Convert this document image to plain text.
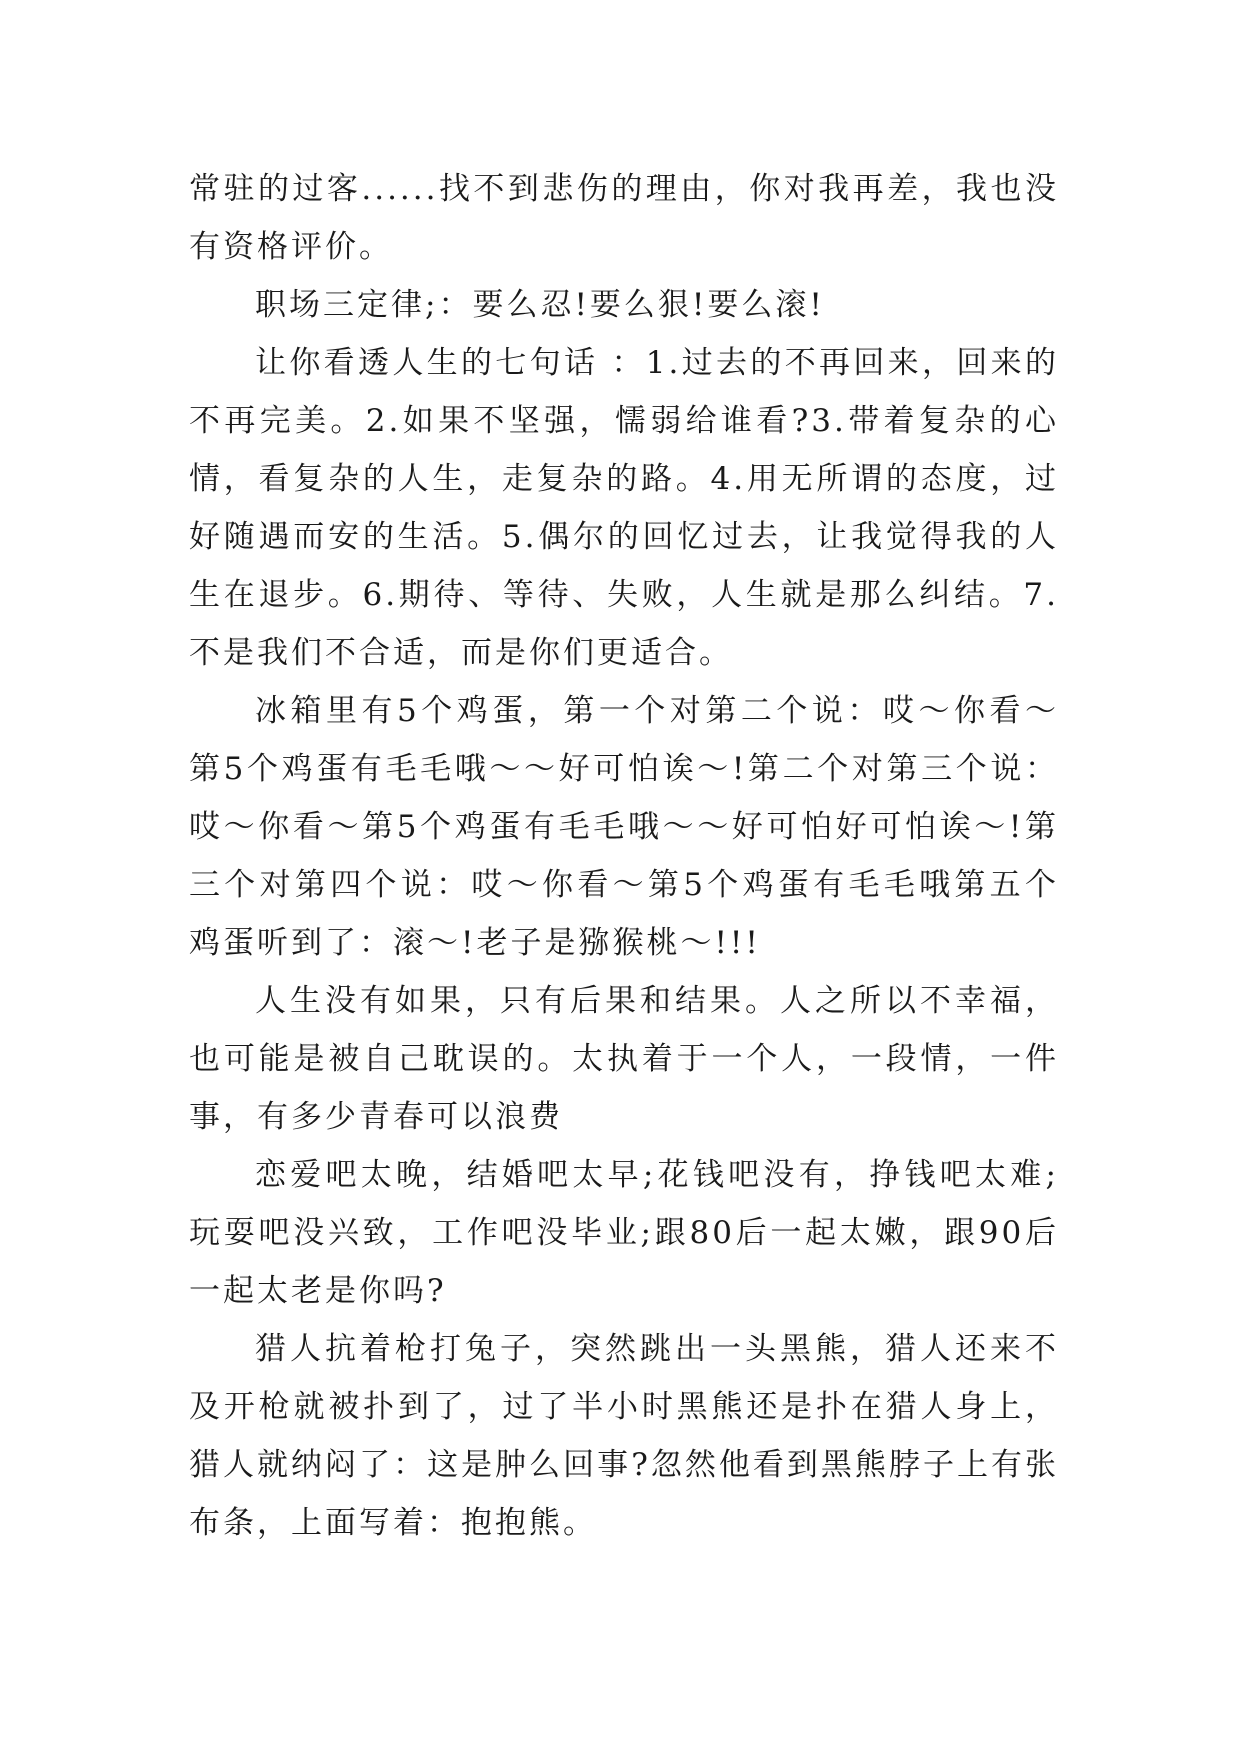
常驻的过客......找不到悲伤的理由，你对我再差，我也没有资格评价。

职场三定律;：要么忍!要么狠!要么滚!

让你看透人生的七句话 ：1.过去的不再回来，回来的不再完美。2.如果不坚强，懦弱给谁看?3.带着复杂的心情，看复杂的人生，走复杂的路。4.用无所谓的态度，过好随遇而安的生活。5.偶尔的回忆过去，让我觉得我的人生在退步。6.期待、等待、失败，人生就是那么纠结。7.不是我们不合适，而是你们更适合。

冰箱里有5个鸡蛋，第一个对第二个说：哎～你看～第5个鸡蛋有毛毛哦～～好可怕诶～!第二个对第三个说：哎～你看～第5个鸡蛋有毛毛哦～～好可怕好可怕诶～!第三个对第四个说：哎～你看～第5个鸡蛋有毛毛哦第五个鸡蛋听到了：滚～!老子是猕猴桃～!!!

人生没有如果，只有后果和结果。人之所以不幸福，也可能是被自己耽误的。太执着于一个人，一段情，一件事，有多少青春可以浪费

恋爱吧太晚，结婚吧太早;花钱吧没有，挣钱吧太难;玩耍吧没兴致，工作吧没毕业;跟80后一起太嫩，跟90后一起太老是你吗?

猎人抗着枪打兔子，突然跳出一头黑熊，猎人还来不及开枪就被扑到了，过了半小时黑熊还是扑在猎人身上，猎人就纳闷了：这是肿么回事?忽然他看到黑熊脖子上有张布条，上面写着：抱抱熊。
